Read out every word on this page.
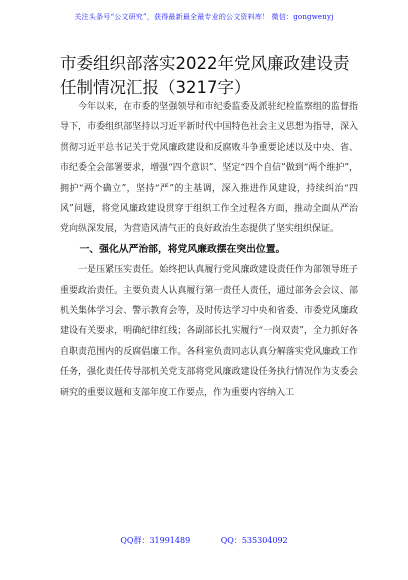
关注头条号“公文研究”，获得最新最全最专业的公文资料库！ 微信：gongwenyj
市委组织部落实2022年党风廉政建设责任制情况汇报（3217字）

今年以来，在市委的坚强领导和市纪委监委及派驻纪检监察组的监督指导下，市委组织部坚持以习近平新时代中国特色社会主义思想为指导，深入贯彻习近平总书记关于党风廉政建设和反腐败斗争重要论述以及中央、省、市纪委全会部署要求，增强“四个意识”、坚定“四个自信”做到“两个维护”，拥护“两个确立”，坚持“严”的主基调，深入推进作风建设，持续纠治“四风”问题，将党风廉政建设贯穿于组织工作全过程各方面，推动全面从严治党向纵深发展，为营造风清气正的良好政治生态提供了坚实组织保证。

一、强化从严治部，将党风廉政摆在突出位置。

一是压紧压实责任。始终把认真履行党风廉政建设责任作为部领导班子重要政治责任。主要负责人认真履行第一责任人责任，通过部务会会议、部机关集体学习会、警示教育会等，及时传达学习中央和省委、市委党风廉政建设有关要求，明确纪律红线；各副部长扎实履行“一岗双责”，全力抓好各自职责范围内的反腐倡廉工作。各科室负责同志认真分解落实党风廉政工作任务，强化责任传导部机关党支部将党风廉政建设任务执行情况作为支委会研究的重要议题和支部年度工作要点，作为重要内容纳入工

QQ群：31991489	QQ：535304092
